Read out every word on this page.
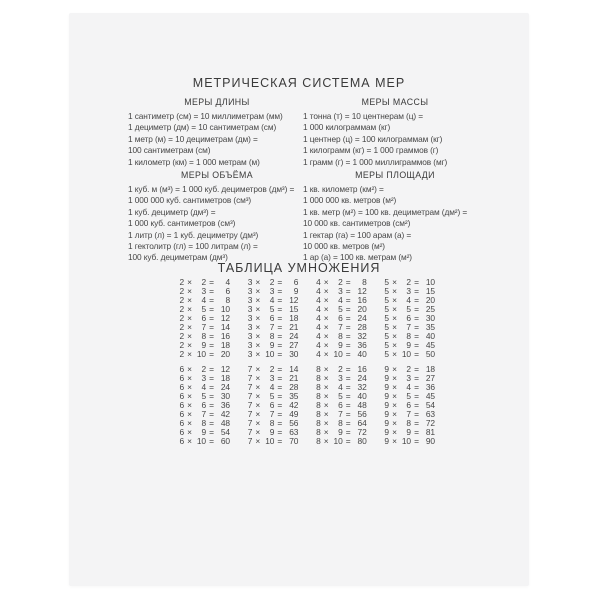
МЕТРИЧЕСКАЯ СИСТЕМА МЕР
МЕРЫ ДЛИНЫ
1 сантиметр (см) = 10 миллиметрам (мм)
1 дециметр (дм) = 10 сантиметрам (см)
1 метр (м) = 10 дециметрам (дм) =
100 сантиметрам (см)
1 километр (км) = 1 000 метрам (м)
МЕРЫ МАССЫ
1 тонна (т) = 10 центнерам (ц) =
1 000 килограммам (кг)
1 центнер (ц) = 100 килограммам (кг)
1 килограмм (кг) = 1 000 граммов (г)
1 грамм (г) = 1 000 миллиграммов (мг)
МЕРЫ ОБЪЁМА
1 куб. м (м³) = 1 000 куб. дециметров (дм³) =
1 000 000 куб. сантиметров (см³)
1 куб. дециметр (дм³) =
1 000 куб. сантиметров (см³)
1 литр (л) = 1 куб. дециметру (дм³)
1 гектолитр (гл) = 100 литрам (л) =
100 куб. дециметрам (дм³)
МЕРЫ ПЛОЩАДИ
1 кв. километр (км²) =
1 000 000 кв. метров (м²)
1 кв. метр (м²) = 100 кв. дециметрам (дм²) =
10 000 кв. сантиметров (см²)
1 гектар (га) = 100 арам (а) =
10 000 кв. метров (м²)
1 ар (а) = 100 кв. метрам (м²)
ТАБЛИЦА УМНОЖЕНИЯ
2 ×	2 =	4
2 ×	3 =	6
2 ×	4 =	8
2 ×	5 = 10
2 ×	6 = 12
2 ×	7 = 14
2 ×	8 = 16
2 ×	9 = 18
2 × 10 = 20
3 ×	2 =	6
3 ×	3 =	9
3 ×	4 = 12
3 ×	5 = 15
3 ×	6 = 18
3 ×	7 = 21
3 ×	8 = 24
3 ×	9 = 27
3 × 10 = 30
4 ×	2 =	8
4 ×	3 = 12
4 ×	4 = 16
4 ×	5 = 20
4 ×	6 = 24
4 ×	7 = 28
4 ×	8 = 32
4 ×	9 = 36
4 × 10 = 40
5 ×	2 = 10
5 ×	3 = 15
5 ×	4 = 20
5 ×	5 = 25
5 ×	6 = 30
5 ×	7 = 35
5 ×	8 = 40
5 ×	9 = 45
5 × 10 = 50
6 ×	2 = 12
6 ×	3 = 18
6 ×	4 = 24
6 ×	5 = 30
6 ×	6 = 36
6 ×	7 = 42
6 ×	8 = 48
6 ×	9 = 54
6 × 10 = 60
7 ×	2 = 14
7 ×	3 = 21
7 ×	4 = 28
7 ×	5 = 35
7 ×	6 = 42
7 ×	7 = 49
7 ×	8 = 56
7 ×	9 = 63
7 × 10 = 70
8 ×	2 = 16
8 ×	3 = 24
8 ×	4 = 32
8 ×	5 = 40
8 ×	6 = 48
8 ×	7 = 56
8 ×	8 = 64
8 ×	9 = 72
8 × 10 = 80
9 ×	2 = 18
9 ×	3 = 27
9 ×	4 = 36
9 ×	5 = 45
9 ×	6 = 54
9 ×	7 = 63
9 ×	8 = 72
9 ×	9 = 81
9 × 10 = 90
